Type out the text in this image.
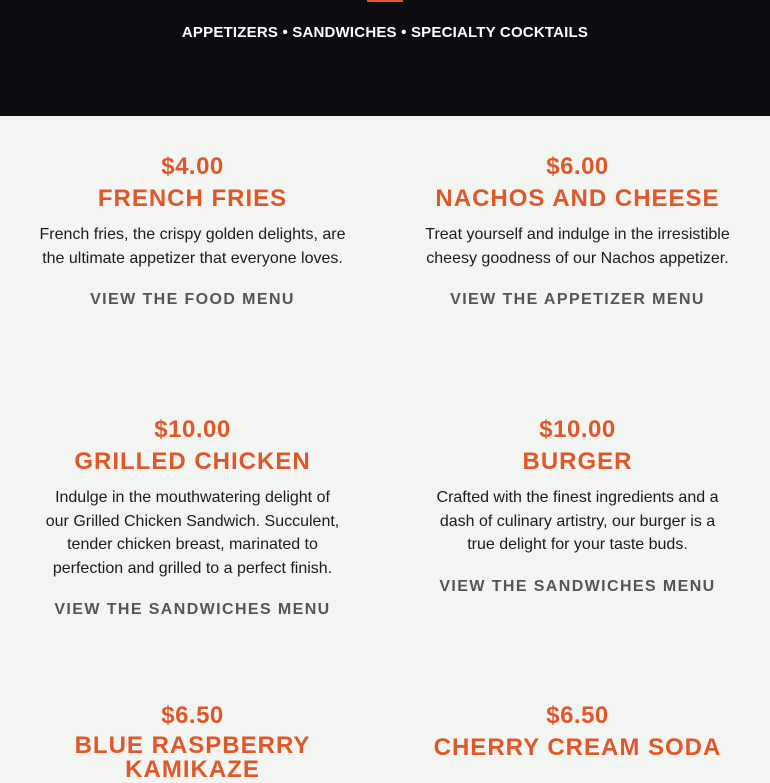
APPETIZERS • SANDWICHES • SPECIALTY COCKTAILS
$4.00
FRENCH FRIES
French fries, the crispy golden delights, are the ultimate appetizer that everyone loves.
VIEW THE FOOD MENU
$6.00
NACHOS AND CHEESE
Treat yourself and indulge in the irresistible cheesy goodness of our Nachos appetizer.
VIEW THE APPETIZER MENU
$10.00
GRILLED CHICKEN
Indulge in the mouthwatering delight of our Grilled Chicken Sandwich. Succulent, tender chicken breast, marinated to perfection and grilled to a perfect finish.
VIEW THE SANDWICHES MENU
$10.00
BURGER
Crafted with the finest ingredients and a dash of culinary artistry, our burger is a true delight for your taste buds.
VIEW THE SANDWICHES MENU
$6.50
BLUE RASPBERRY KAMIKAZE
$6.50
CHERRY CREAM SODA
